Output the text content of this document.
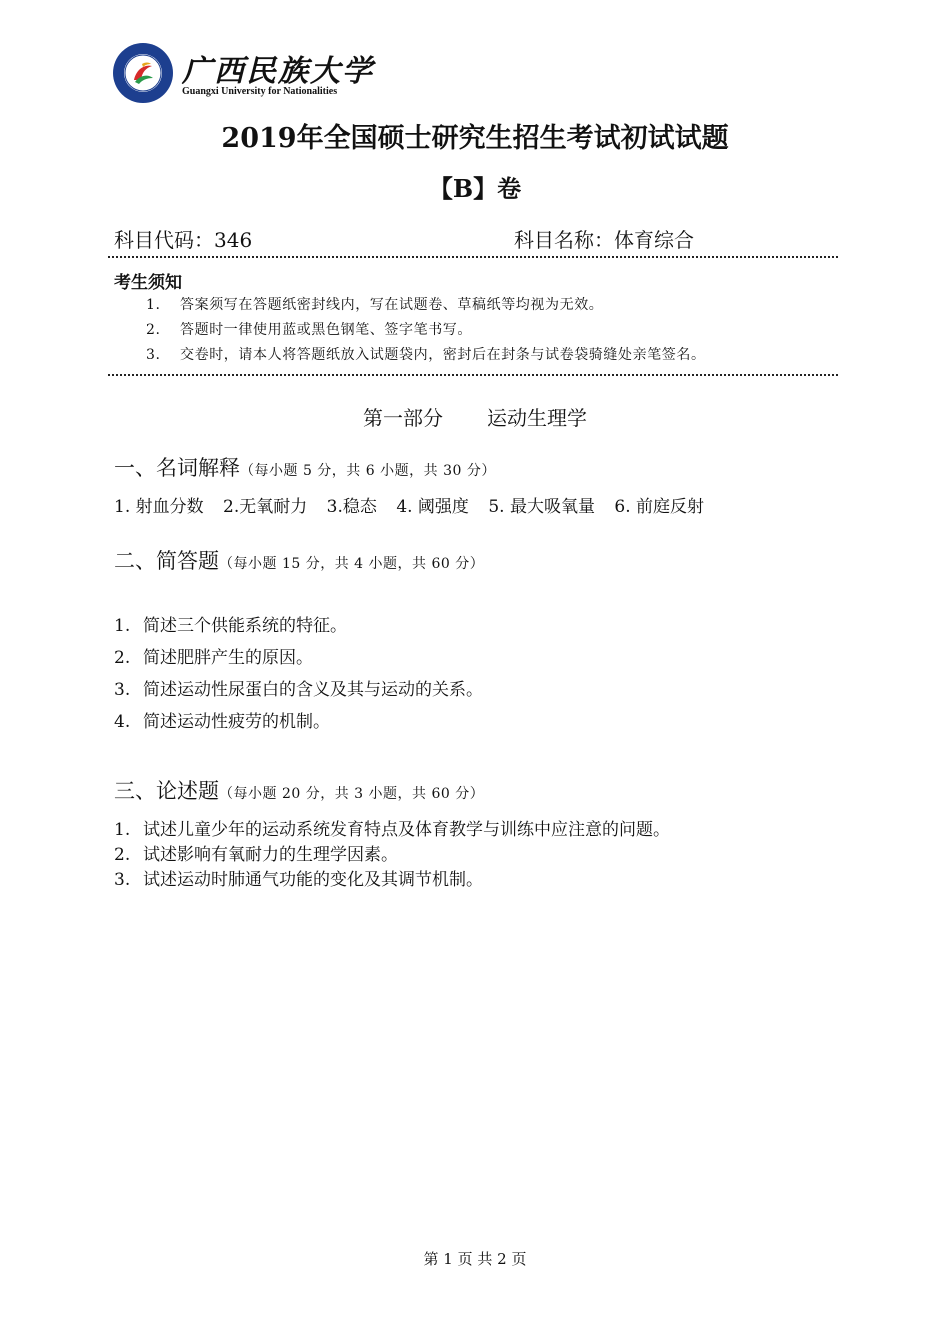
广西民族大学
Guangxi University for Nationalities
2019年全国硕士研究生招生考试初试试题
【B】卷
科目代码：346	科目名称：体育综合
考生须知
1. 答案须写在答题纸密封线内，写在试题卷、草稿纸等均视为无效。
2. 答题时一律使用蓝或黑色钢笔、签字笔书写。
3. 交卷时，请本人将答题纸放入试题袋内，密封后在封条与试卷袋骑缝处亲笔签名。
第一部分 运动生理学
一、名词解释（每小题 5 分，共 6 小题，共 30 分）
1. 射血分数 2.无氧耐力 3.稳态 4. 阈强度 5. 最大吸氧量 6. 前庭反射
二、简答题（每小题 15 分，共 4 小题，共 60 分）
1. 简述三个供能系统的特征。
2. 简述肥胖产生的原因。
3. 简述运动性尿蛋白的含义及其与运动的关系。
4. 简述运动性疲劳的机制。
三、论述题（每小题 20 分，共 3 小题，共 60 分）
1. 试述儿童少年的运动系统发育特点及体育教学与训练中应注意的问题。
2. 试述影响有氧耐力的生理学因素。
3. 试述运动时肺通气功能的变化及其调节机制。
第 1 页 共 2 页
